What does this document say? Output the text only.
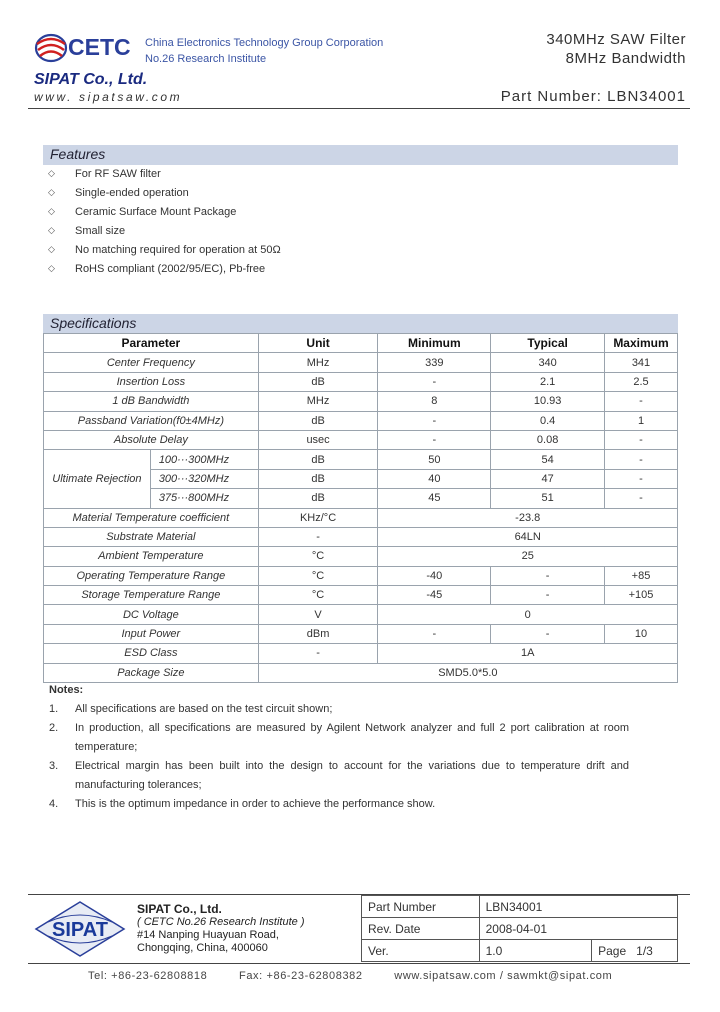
CETC China Electronics Technology Group Corporation
No.26 Research Institute
340MHz SAW Filter
8MHz Bandwidth
SIPAT Co., Ltd.
www. sipatsaw.com	Part Number: LBN34001
Features
◇	For RF SAW filter
◇	Single-ended operation
◇	Ceramic Surface Mount Package
◇	Small size
◇	No matching required for operation at 50Ω
◇	RoHS compliant (2002/95/EC), Pb-free
Specifications
Parameter		Unit	Minimum	Typical	Maximum
Center Frequency		MHz	339	340	341
Insertion Loss		dB	-	2.1	2.5
1 dB Bandwidth		MHz	8	10.93	-
Passband Variation(f0±4MHz)		dB	-	0.4	1
Absolute Delay		usec	-	0.08	-
Ultimate Rejection	100···300MHz	dB	50	54	-
	300···320MHz	dB	40	47	-
	375···800MHz	dB	45	51	-
Material Temperature coefficient		KHz/°C	-23.8		
Substrate Material		-	64LN		
Ambient Temperature		°C	25		
Operating Temperature Range		°C	-40	-	+85
Storage Temperature Range		°C	-45	-	+105
DC Voltage		V	0		
Input Power		dBm	-	-	10
ESD Class		-	1A		
Package Size		SMD5.0*5.0			
Notes:
1.	All specifications are based on the test circuit shown;
2.	In production, all specifications are measured by Agilent Network analyzer and full 2 port calibration at room temperature;
3.	Electrical margin has been built into the design to account for the variations due to temperature drift and manufacturing tolerances;
4.	This is the optimum impedance in order to achieve the performance show.
SIPAT
SIPAT Co., Ltd.
( CETC No.26 Research Institute )
#14 Nanping Huayuan Road,
Chongqing, China, 400060
Part Number	LBN34001	
Rev. Date	2008-04-01	
Ver.	1.0	Page 1/3
Tel: +86-23-62808818	Fax: +86-23-62808382	www.sipatsaw.com / sawmkt@sipat.com
